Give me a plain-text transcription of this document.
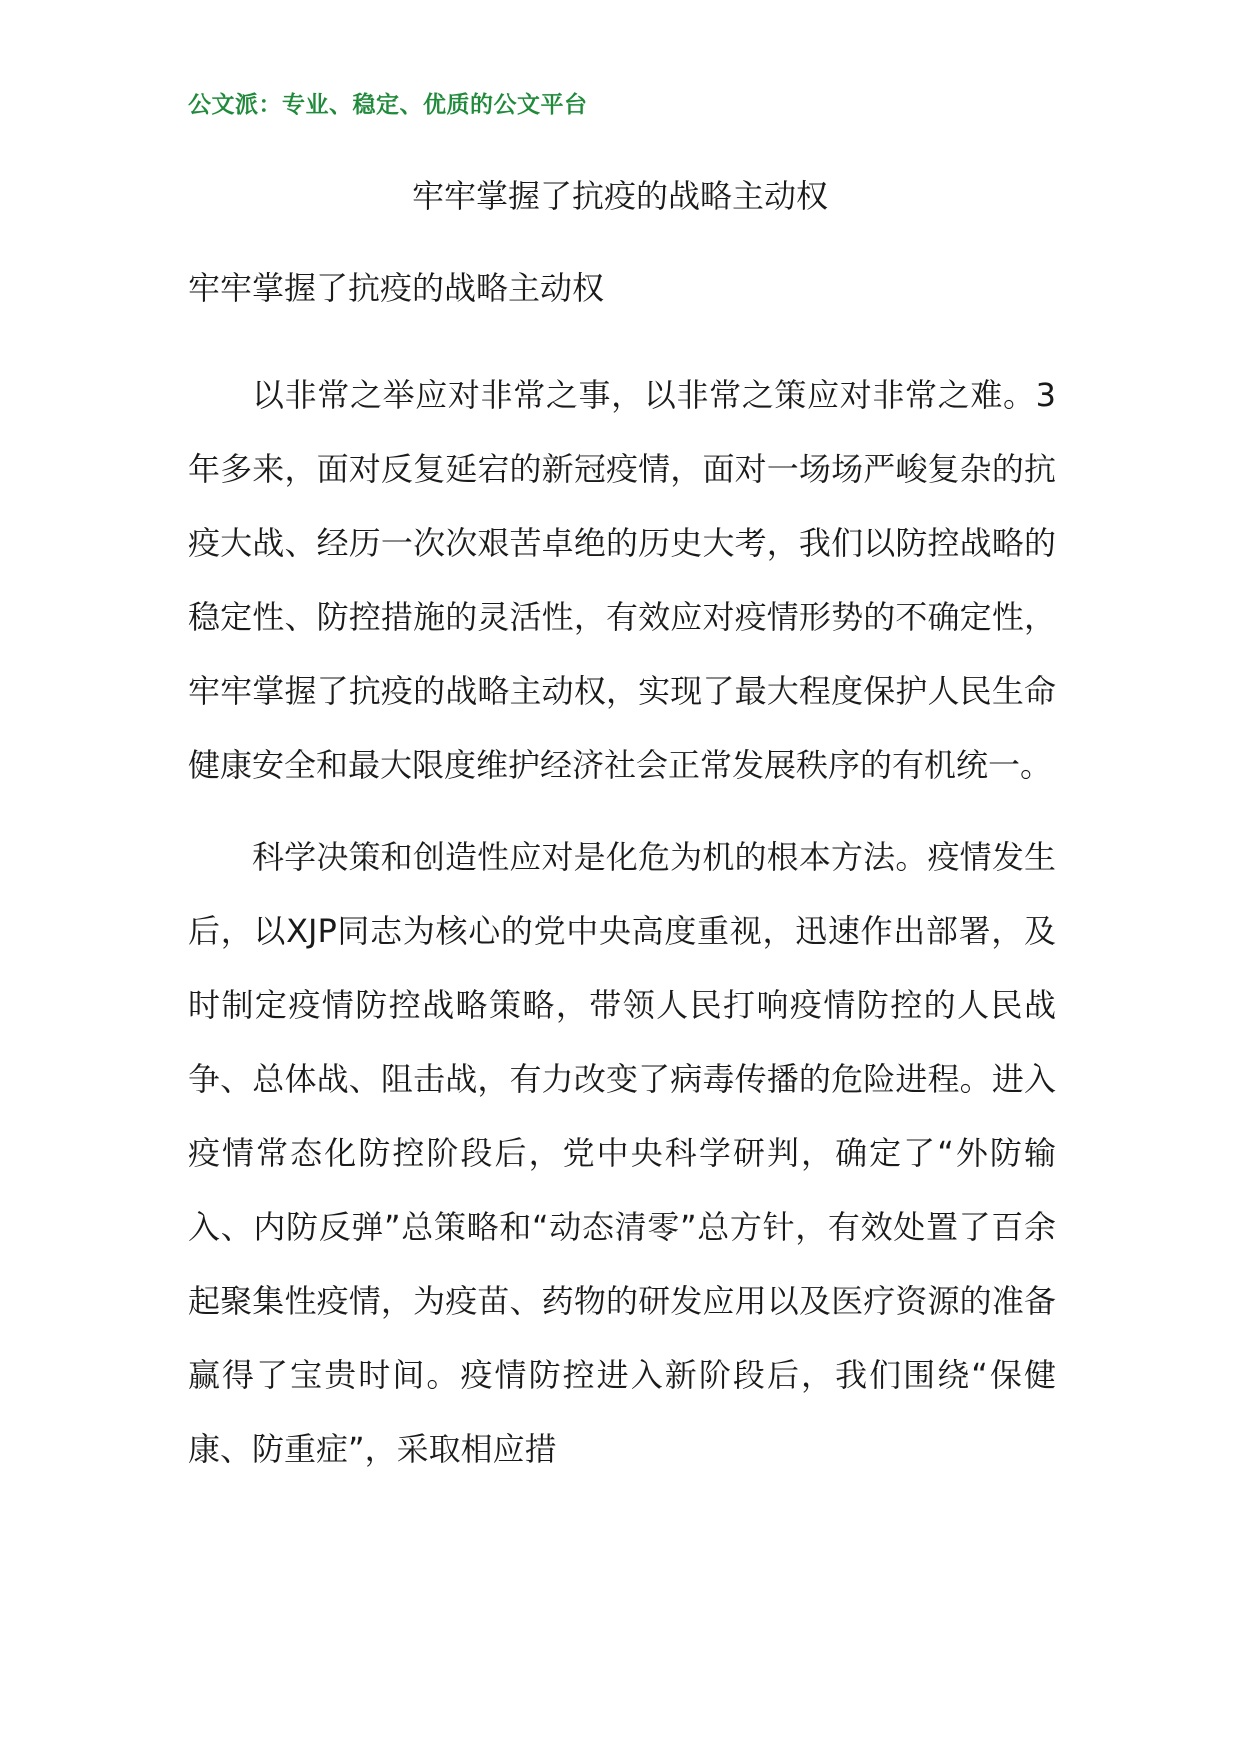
公文派：专业、稳定、优质的公文平台
牢牢掌握了抗疫的战略主动权
牢牢掌握了抗疫的战略主动权

以非常之举应对非常之事，以非常之策应对非常之难。3年多来，面对反复延宕的新冠疫情，面对一场场严峻复杂的抗疫大战、经历一次次艰苦卓绝的历史大考，我们以防控战略的稳定性、防控措施的灵活性，有效应对疫情形势的不确定性，牢牢掌握了抗疫的战略主动权，实现了最大程度保护人民生命健康安全和最大限度维护经济社会正常发展秩序的有机统一。

科学决策和创造性应对是化危为机的根本方法。疫情发生后，以XJP同志为核心的党中央高度重视，迅速作出部署，及时制定疫情防控战略策略，带领人民打响疫情防控的人民战争、总体战、阻击战，有力改变了病毒传播的危险进程。进入疫情常态化防控阶段后，党中央科学研判，确定了“外防输入、内防反弹”总策略和“动态清零”总方针，有效处置了百余起聚集性疫情，为疫苗、药物的研发应用以及医疗资源的准备赢得了宝贵时间。疫情防控进入新阶段后，我们围绕“保健康、防重症”，采取相应措
